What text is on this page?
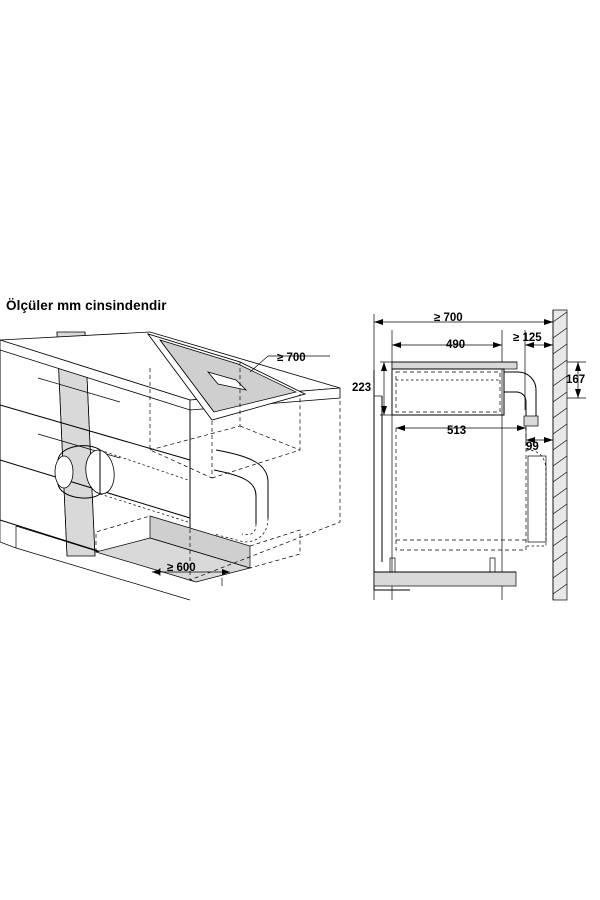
Ölçüler mm cinsindendir
≥ 700
≥ 600
≥ 700
490
≥ 125
223
167
513
99
